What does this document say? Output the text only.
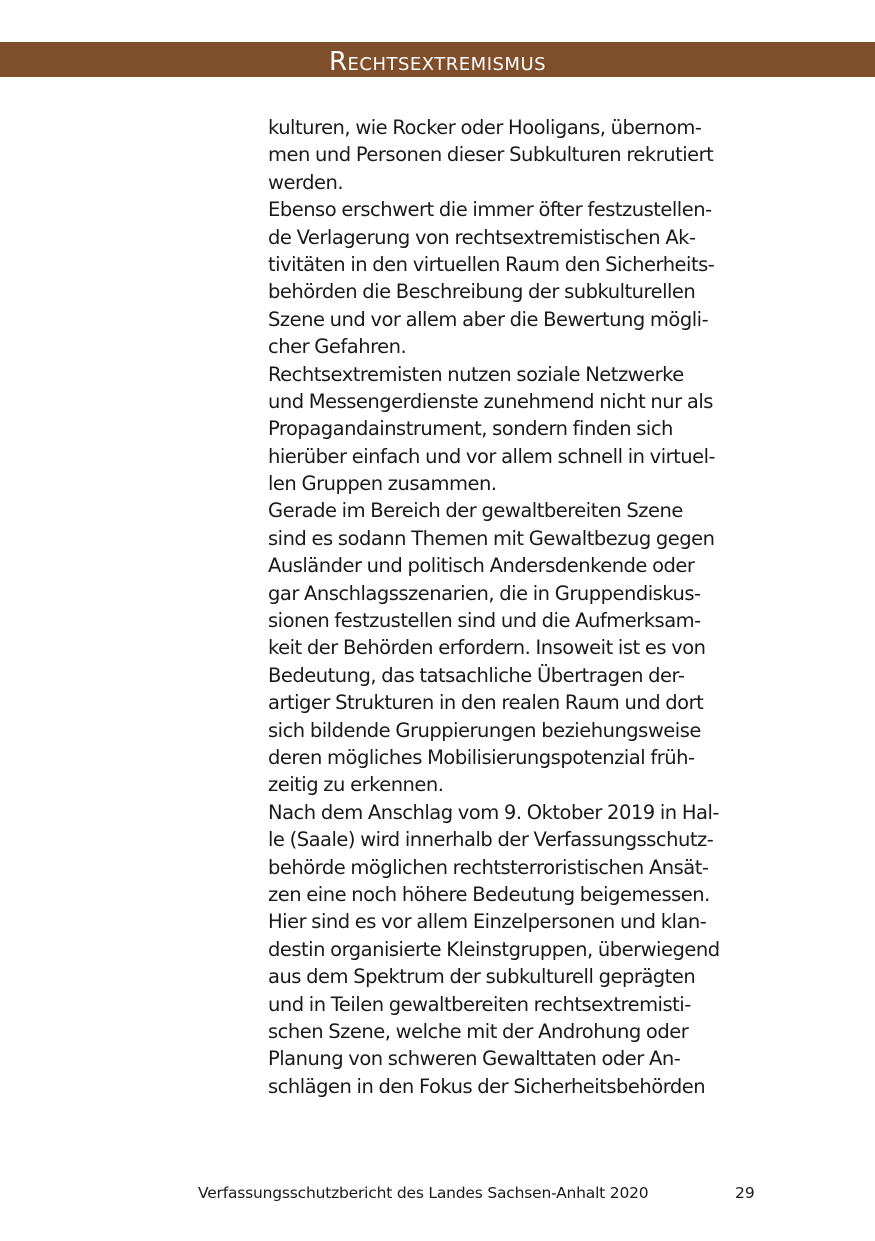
Rechtsextremismus
kulturen, wie Rocker oder Hooligans, übernom-
men und Personen dieser Subkulturen rekrutiert
werden.
Ebenso erschwert die immer öfter festzustellen-
de Verlagerung von rechtsextremistischen Ak-
tivitäten in den virtuellen Raum den Sicherheits-
behörden die Beschreibung der subkulturellen
Szene und vor allem aber die Bewertung mögli-
cher Gefahren.
Rechtsextremisten nutzen soziale Netzwerke
und Messengerdienste zunehmend nicht nur als
Propagandainstrument, sondern finden sich
hierüber einfach und vor allem schnell in virtuel-
len Gruppen zusammen.
Gerade im Bereich der gewaltbereiten Szene
sind es sodann Themen mit Gewaltbezug gegen
Ausländer und politisch Andersdenkende oder
gar Anschlagsszenarien, die in Gruppendiskus-
sionen festzustellen sind und die Aufmerksam-
keit der Behörden erfordern. Insoweit ist es von
Bedeutung, das tatsachliche Übertragen der-
artiger Strukturen in den realen Raum und dort
sich bildende Gruppierungen beziehungsweise
deren mögliches Mobilisierungspotenzial früh-
zeitig zu erkennen.
Nach dem Anschlag vom 9. Oktober 2019 in Hal-
le (Saale) wird innerhalb der Verfassungsschutz-
behörde möglichen rechtsterroristischen Ansät-
zen eine noch höhere Bedeutung beigemessen.
Hier sind es vor allem Einzelpersonen und klan-
destin organisierte Kleinstgruppen, überwiegend
aus dem Spektrum der subkulturell geprägten
und in Teilen gewaltbereiten rechtsextremisti-
schen Szene, welche mit der Androhung oder
Planung von schweren Gewalttaten oder An-
schlägen in den Fokus der Sicherheitsbehörden
Verfassungsschutzbericht des Landes Sachsen-Anhalt 2020	29
